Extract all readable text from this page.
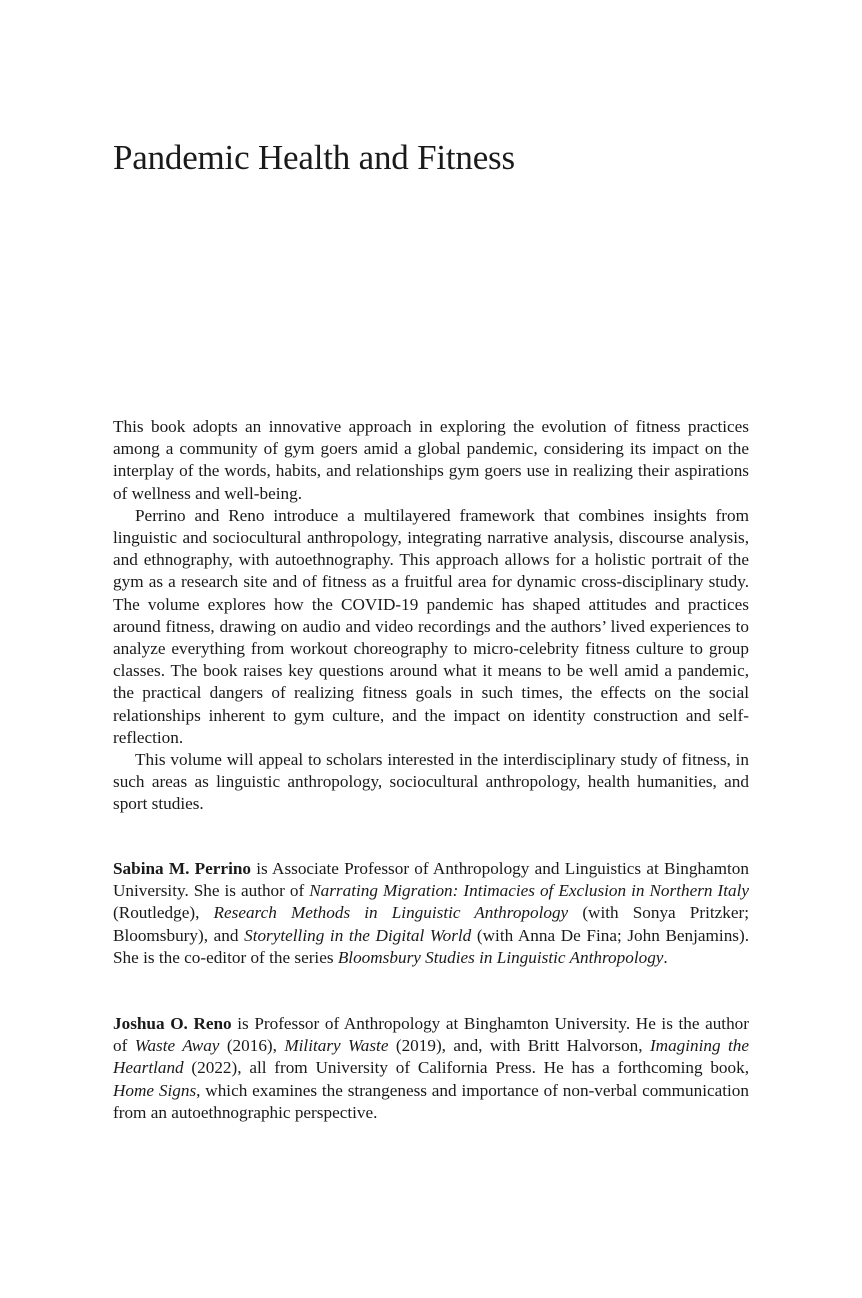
Pandemic Health and Fitness

This book adopts an innovative approach in exploring the evolution of fitness practices among a community of gym goers amid a global pandemic, considering its impact on the interplay of the words, habits, and relationships gym goers use in realizing their aspirations of wellness and well-being.

Perrino and Reno introduce a multilayered framework that combines insights from linguistic and sociocultural anthropology, integrating narrative analysis, discourse analysis, and ethnography, with autoethnography. This approach allows for a holistic portrait of the gym as a research site and of fitness as a fruitful area for dynamic cross-disciplinary study. The volume explores how the COVID-19 pandemic has shaped attitudes and practices around fitness, drawing on audio and video recordings and the authors’ lived experiences to analyze everything from workout choreography to micro-celebrity fitness culture to group classes. The book raises key questions around what it means to be well amid a pandemic, the practical dangers of realizing fitness goals in such times, the effects on the social relationships inherent to gym culture, and the impact on identity construction and self-reflection.

This volume will appeal to scholars interested in the interdisciplinary study of fitness, in such areas as linguistic anthropology, sociocultural anthropology, health humanities, and sport studies.

Sabina M. Perrino is Associate Professor of Anthropology and Linguistics at Binghamton University. She is author of Narrating Migration: Intimacies of Exclusion in Northern Italy (Routledge), Research Methods in Linguistic Anthropology (with Sonya Pritzker; Bloomsbury), and Storytelling in the Digital World (with Anna De Fina; John Benjamins). She is the co-editor of the series Bloomsbury Studies in Linguistic Anthropology.

Joshua O. Reno is Professor of Anthropology at Binghamton University. He is the author of Waste Away (2016), Military Waste (2019), and, with Britt Halvorson, Imagining the Heartland (2022), all from University of California Press. He has a forthcoming book, Home Signs, which examines the strangeness and importance of non-verbal communication from an autoethnographic perspective.
